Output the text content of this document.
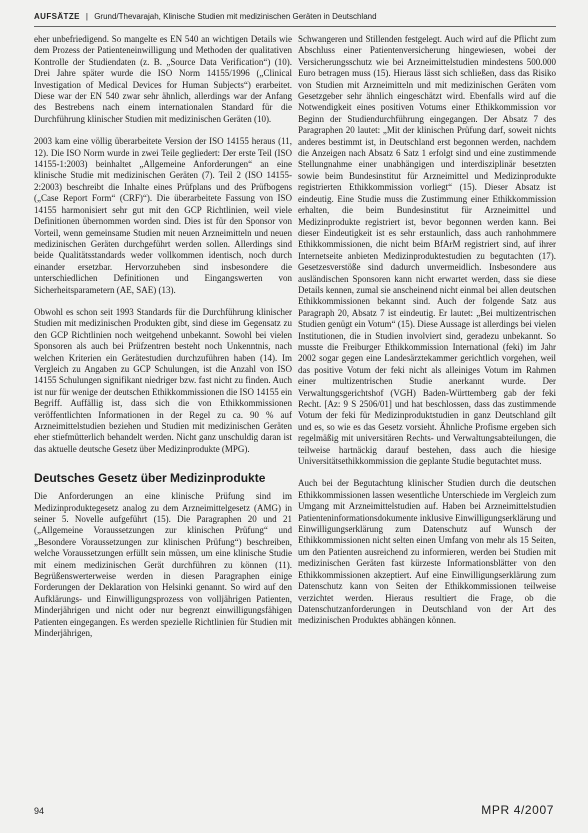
AUFSÄTZE | Grund/Thevarajah, Klinische Studien mit medizinischen Geräten in Deutschland

eher unbefriedigend. So mangelte es EN 540 an wichtigen Details wie dem Prozess der Patienteneinwilligung und Methoden der qualitativen Kontrolle der Studiendaten (z. B. „Source Data Verification“) (10). Drei Jahre später wurde die ISO Norm 14155/1996 („Clinical Investigation of Medical Devices for Human Subjects“) erarbeitet. Diese war der EN 540 zwar sehr ähnlich, allerdings war der Anfang des Bestrebens nach einem internationalen Standard für die Durchführung klinischer Studien mit medizinischen Geräten (10).

2003 kam eine völlig überarbeitete Version der ISO 14155 heraus (11, 12). Die ISO Norm wurde in zwei Teile gegliedert: Der erste Teil (ISO 14155-1:2003) beinhaltet „Allgemeine Anforderungen“ an eine klinische Studie mit medizinischen Geräten (7). Teil 2 (ISO 14155-2:2003) beschreibt die Inhalte eines Prüfplans und des Prüfbogens („Case Report Form“ (CRF)“). Die überarbeitete Fassung von ISO 14155 harmonisiert sehr gut mit den GCP Richtlinien, weil viele Definitionen übernommen worden sind. Dies ist für den Sponsor von Vorteil, wenn gemeinsame Studien mit neuen Arzneimitteln und neuen medizinischen Geräten durchgeführt werden sollen. Allerdings sind beide Qualitätsstandards weder vollkommen identisch, noch durch einander ersetzbar. Hervorzuheben sind insbesondere die unterschiedlichen Definitionen und Eingangswerten von Sicherheitsparametern (AE, SAE) (13).

Obwohl es schon seit 1993 Standards für die Durchführung klinischer Studien mit medizinischen Produkten gibt, sind diese im Gegensatz zu den GCP Richtlinien noch weitgehend unbekannt. Sowohl bei vielen Sponsoren als auch bei Prüfzentren besteht noch Unkenntnis, nach welchen Kriterien ein Gerätestudien durchzuführen haben (14). Im Vergleich zu Angaben zu GCP Schulungen, ist die Anzahl von ISO 14155 Schulungen signifikant niedriger bzw. fast nicht zu finden. Auch ist nur für wenige der deutschen Ethikkommissionen die ISO 14155 ein Begriff. Auffällig ist, dass sich die von Ethikkommissionen veröffentlichten Informationen in der Regel zu ca. 90 % auf Arzneimittelstudien beziehen und Studien mit medizinischen Geräten eher stiefmütterlich behandelt werden. Nicht ganz unschuldig daran ist das aktuelle deutsche Gesetz über Medizinprodukte (MPG).

Deutsches Gesetz über Medizinprodukte

Die Anforderungen an eine klinische Prüfung sind im Medizinproduktegesetz analog zu dem Arzneimittelgesetz (AMG) in seiner 5. Novelle aufgeführt (15). Die Paragraphen 20 und 21 („Allgemeine Voraussetzungen zur klinischen Prüfung“ und „Besondere Voraussetzungen zur klinischen Prüfung“) beschreiben, welche Voraussetzungen erfüllt sein müssen, um eine klinische Studie mit einem medizinischen Gerät durchführen zu können (11). Begrüßenswerterweise werden in diesen Paragraphen einige Forderungen der Deklaration von Helsinki genannt. So wird auf den Aufklärungs- und Einwilligungsprozess von volljährigen Patienten, Minderjährigen und nicht oder nur begrenzt einwilligungsfähigen Patienten eingegangen. Es werden spezielle Richtlinien für Studien mit Minderjährigen,

Schwangeren und Stillenden festgelegt. Auch wird auf die Pflicht zum Abschluss einer Patientenversicherung hingewiesen, wobei der Versicherungsschutz wie bei Arzneimittelstudien mindestens 500.000 Euro betragen muss (15). Hieraus lässt sich schließen, dass das Risiko von Studien mit Arzneimitteln und mit medizinischen Geräten vom Gesetzgeber sehr ähnlich eingeschätzt wird. Ebenfalls wird auf die Notwendigkeit eines positiven Votums einer Ethikkommission vor Beginn der Studiendurchführung eingegangen. Der Absatz 7 des Paragraphen 20 lautet: „Mit der klinischen Prüfung darf, soweit nichts anderes bestimmt ist, in Deutschland erst begonnen werden, nachdem die Anzeigen nach Absatz 6 Satz 1 erfolgt sind und eine zustimmende Stellungnahme einer unabhängigen und interdisziplinär besetzten sowie beim Bundesinstitut für Arzneimittel und Medizinprodukte registrierten Ethikkommission vorliegt“ (15). Dieser Absatz ist eindeutig. Eine Studie muss die Zustimmung einer Ethikkommission erhalten, die beim Bundesinstitut für Arzneimittel und Medizinprodukte registriert ist, bevor begonnen werden kann. Bei dieser Eindeutigkeit ist es sehr erstaunlich, dass auch ranhohmmere Ethikkommissionen, die nicht beim BfArM registriert sind, auf ihrer Internetseite anbieten Medizinproduktestudien zu begutachten (17). Gesetzesverstöße sind dadurch unvermeidlich. Insbesondere aus ausländischen Sponsoren kann nicht erwartet werden, dass sie diese Details kennen, zumal sie anscheinend nicht einmal bei allen deutschen Ethikkommissionen bekannt sind. Auch der folgende Satz aus Paragraph 20, Absatz 7 ist eindeutig. Er lautet: „Bei multizentrischen Studien genügt ein Votum“ (15). Diese Aussage ist allerdings bei vielen Institutionen, die in Studien involviert sind, geradezu unbekannt. So musste die Freiburger Ethikkommission International (feki) im Jahr 2002 sogar gegen eine Landesärztekammer gerichtlich vorgehen, weil das positive Votum der feki nicht als alleiniges Votum im Rahmen einer multizentrischen Studie anerkannt wurde. Der Verwaltungsgerichtshof (VGH) Baden-Württemberg gab der feki Recht. [Az: 9 S 2506/01] und hat beschlossen, dass das zustimmende Votum der feki für Medizinproduktstudien in ganz Deutschland gilt und es, so wie es das Gesetz vorsieht. Ähnliche Profisme ergeben sich regelmäßig mit universitären Rechts- und Verwaltungsabteilungen, die teilweise hartnäckig darauf bestehen, dass auch die hiesige Universitätsethikkommission die geplante Studie begutachtet muss.

Auch bei der Begutachtung klinischer Studien durch die deutschen Ethikkommissionen lassen wesentliche Unterschiede im Vergleich zum Umgang mit Arzneimittelstudien auf. Haben bei Arzneimittelstudien Patienteninformationsdokumente inklusive Einwilligungserklärung und Einwilligungserklärung zum Datenschutz auf Wunsch der Ethikkommissionen nicht selten einen Umfang von mehr als 15 Seiten, um den Patienten ausreichend zu informieren, werden bei Studien mit medizinischen Geräten fast kürzeste Informationsblätter von den Ethikkommissionen akzeptiert. Auf eine Einwilligungserklärung zum Datenschutz kann von Seiten der Ethikkommissionen teilweise verzichtet werden. Hieraus resultiert die Frage, ob die Datenschutzanforderungen in Deutschland von der Art des medizinischen Produktes abhängen können.

94	MPR 4/2007
